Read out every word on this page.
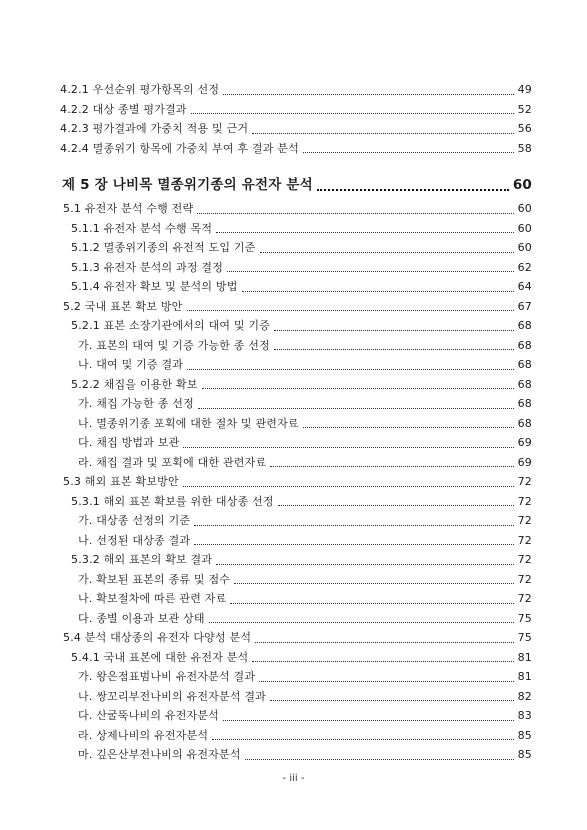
4.2.1 우선순위 평가항목의 선정	49
4.2.2 대상 종별 평가결과	52
4.2.3 평가결과에 가중치 적용 및 근거	56
4.2.4 멸종위기 항목에 가중치 부여 후 결과 분석	58
제 5 장 나비목 멸종위기종의 유전자 분석	60
5.1 유전자 분석 수행 전략	60
5.1.1 유전자 분석 수행 목적	60
5.1.2 멸종위기종의 유전적 도입 기준	60
5.1.3 유전자 분석의 과정 결정	62
5.1.4 유전자 확보 및 분석의 방법	64
5.2 국내 표본 확보 방안	67
5.2.1 표본 소장기관에서의 대여 및 기증	68
가. 표본의 대여 및 기증 가능한 종 선정	68
나. 대여 및 기증 결과	68
5.2.2 채집을 이용한 확보	68
가. 채집 가능한 종 선정	68
나. 멸종위기종 포획에 대한 절차 및 관련자료	68
다. 채집 방법과 보관	69
라. 채집 결과 및 포획에 대한 관련자료	69
5.3 해외 표본 확보방안	72
5.3.1 해외 표본 확보를 위한 대상종 선정	72
가. 대상종 선정의 기준	72
나. 선정된 대상종 결과	72
5.3.2 해외 표본의 확보 결과	72
가. 확보된 표본의 종류 및 점수	72
나. 확보절차에 따른 관련 자료	72
다. 종별 이용과 보관 상태	75
5.4 분석 대상종의 유전자 다양성 분석	75
5.4.1 국내 표본에 대한 유전자 분석	81
가. 왕은점표범나비 유전자분석 결과	81
나. 쌍꼬리부전나비의 유전자분석 결과	82
다. 산굴뚝나비의 유전자분석	83
라. 상제나비의 유전자분석	85
마. 깊은산부전나비의 유전자분석	85
- iii -
